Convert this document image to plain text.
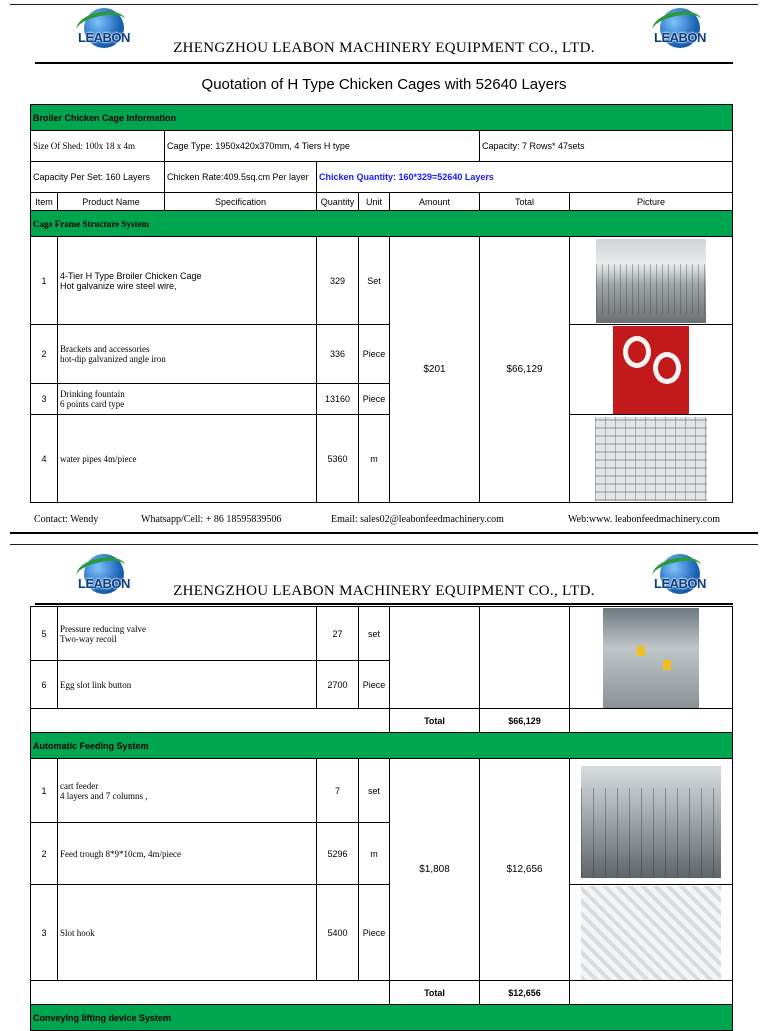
LEABON	LEABON
ZHENGZHOU LEABON MACHINERY EQUIPMENT CO., LTD.
Quotation of H Type Chicken Cages with 52640 Layers
Broiler Chicken Cage Information							
Size Of Shed: 100x 18 x 4m		Cage Type: 1950x420x370mm, 4 Tiers H type				Capacity: 7 Rows* 47sets	
Capacity Per Set: 160 Layers		Chicken Rate:409.5sq.cm Per layer	Chicken Quantity: 160*329=52640 Layers				
Item	Product Name	Specification	Quantity	Unit	Amount	Total	Picture
Cage Frame Structure System							
1	4-Tier H Type Broiler Chicken Cage
Hot galvanize wire steel wire,		329	Set	$201	$66,129	
2	Brackets and accessories
hot-dip galvanized angle iron		336	Piece			

3	Drinking fountain
6 points card type		13160	Piece			
4	water pipes 4m/piece		5360	m			
Contact: Wendy	Whatsapp/Cell: + 86 18595839506	Email: sales02@leabonfeedmachinery.com	Web:www. leabonfeedmachinery.com
LEABON	LEABON
ZHENGZHOU LEABON MACHINERY EQUIPMENT CO., LTD.
5	Pressure reducing valve
Two-way recoil	27	set			

6	Egg slot link button	2700	Piece			
				Total	$66,129	
Automatic Feeding System						
1	cart feeder
4 layers and 7 columns ,	7	set	$1,808	$12,656	
2	Feed trough 8*9*10cm, 4m/piece	5296	m			
3	Slot hook	5400	Piece			
				Total	$12,656	
Conveying lifting device System						
